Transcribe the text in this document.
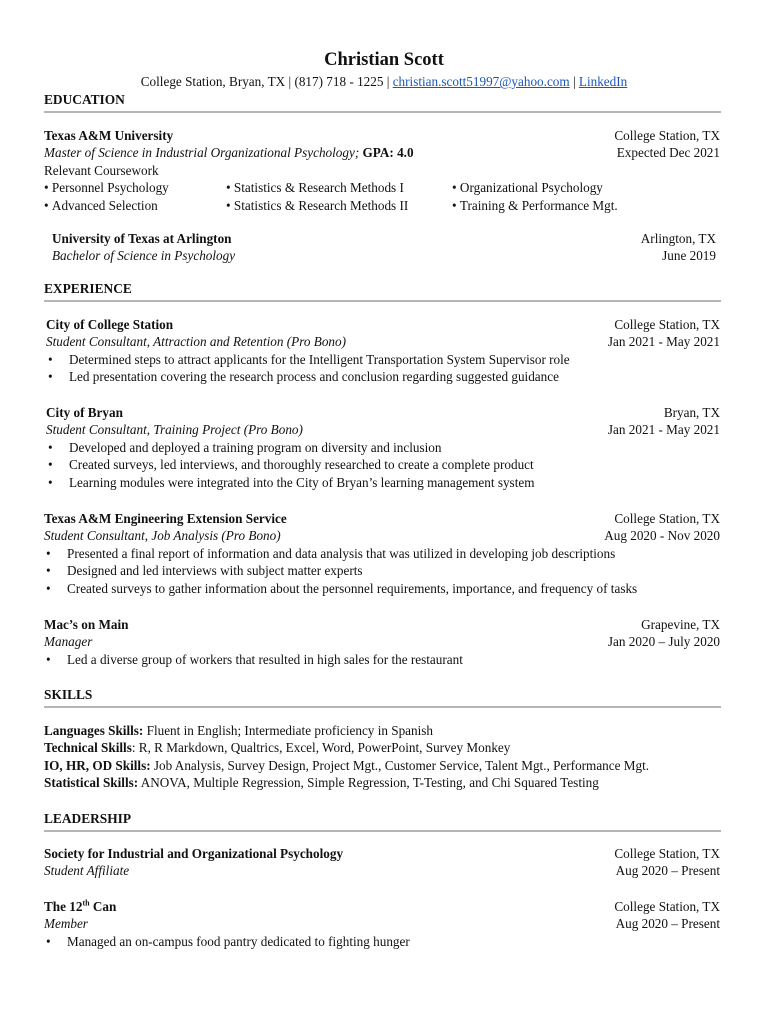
Christian Scott
College Station, Bryan, TX | (817) 718 - 1225 | christian.scott51997@yahoo.com | LinkedIn
EDUCATION
Texas A&M University	College Station, TX
Master of Science in Industrial Organizational Psychology; GPA: 4.0	Expected Dec 2021
Relevant Coursework
• Personnel Psychology	• Statistics & Research Methods I	• Organizational Psychology
• Advanced Selection	• Statistics & Research Methods II	• Training & Performance Mgt.
University of Texas at Arlington	Arlington, TX
Bachelor of Science in Psychology	June 2019
EXPERIENCE
City of College Station	College Station, TX
Student Consultant, Attraction and Retention (Pro Bono)	Jan 2021 - May 2021
• Determined steps to attract applicants for the Intelligent Transportation System Supervisor role
• Led presentation covering the research process and conclusion regarding suggested guidance
City of Bryan	Bryan, TX
Student Consultant, Training Project (Pro Bono)	Jan 2021 - May 2021
• Developed and deployed a training program on diversity and inclusion
• Created surveys, led interviews, and thoroughly researched to create a complete product
• Learning modules were integrated into the City of Bryan’s learning management system
Texas A&M Engineering Extension Service	College Station, TX
Student Consultant, Job Analysis (Pro Bono)	Aug 2020 - Nov 2020
• Presented a final report of information and data analysis that was utilized in developing job descriptions
• Designed and led interviews with subject matter experts
• Created surveys to gather information about the personnel requirements, importance, and frequency of tasks
Mac’s on Main	Grapevine, TX
Manager	Jan 2020 – July 2020
• Led a diverse group of workers that resulted in high sales for the restaurant
SKILLS
Languages Skills: Fluent in English; Intermediate proficiency in Spanish
Technical Skills: R, R Markdown, Qualtrics, Excel, Word, PowerPoint, Survey Monkey
IO, HR, OD Skills: Job Analysis, Survey Design, Project Mgt., Customer Service, Talent Mgt., Performance Mgt.
Statistical Skills: ANOVA, Multiple Regression, Simple Regression, T-Testing, and Chi Squared Testing
LEADERSHIP
Society for Industrial and Organizational Psychology	College Station, TX
Student Affiliate	Aug 2020 – Present
The 12th Can	College Station, TX
Member	Aug 2020 – Present
• Managed an on-campus food pantry dedicated to fighting hunger
